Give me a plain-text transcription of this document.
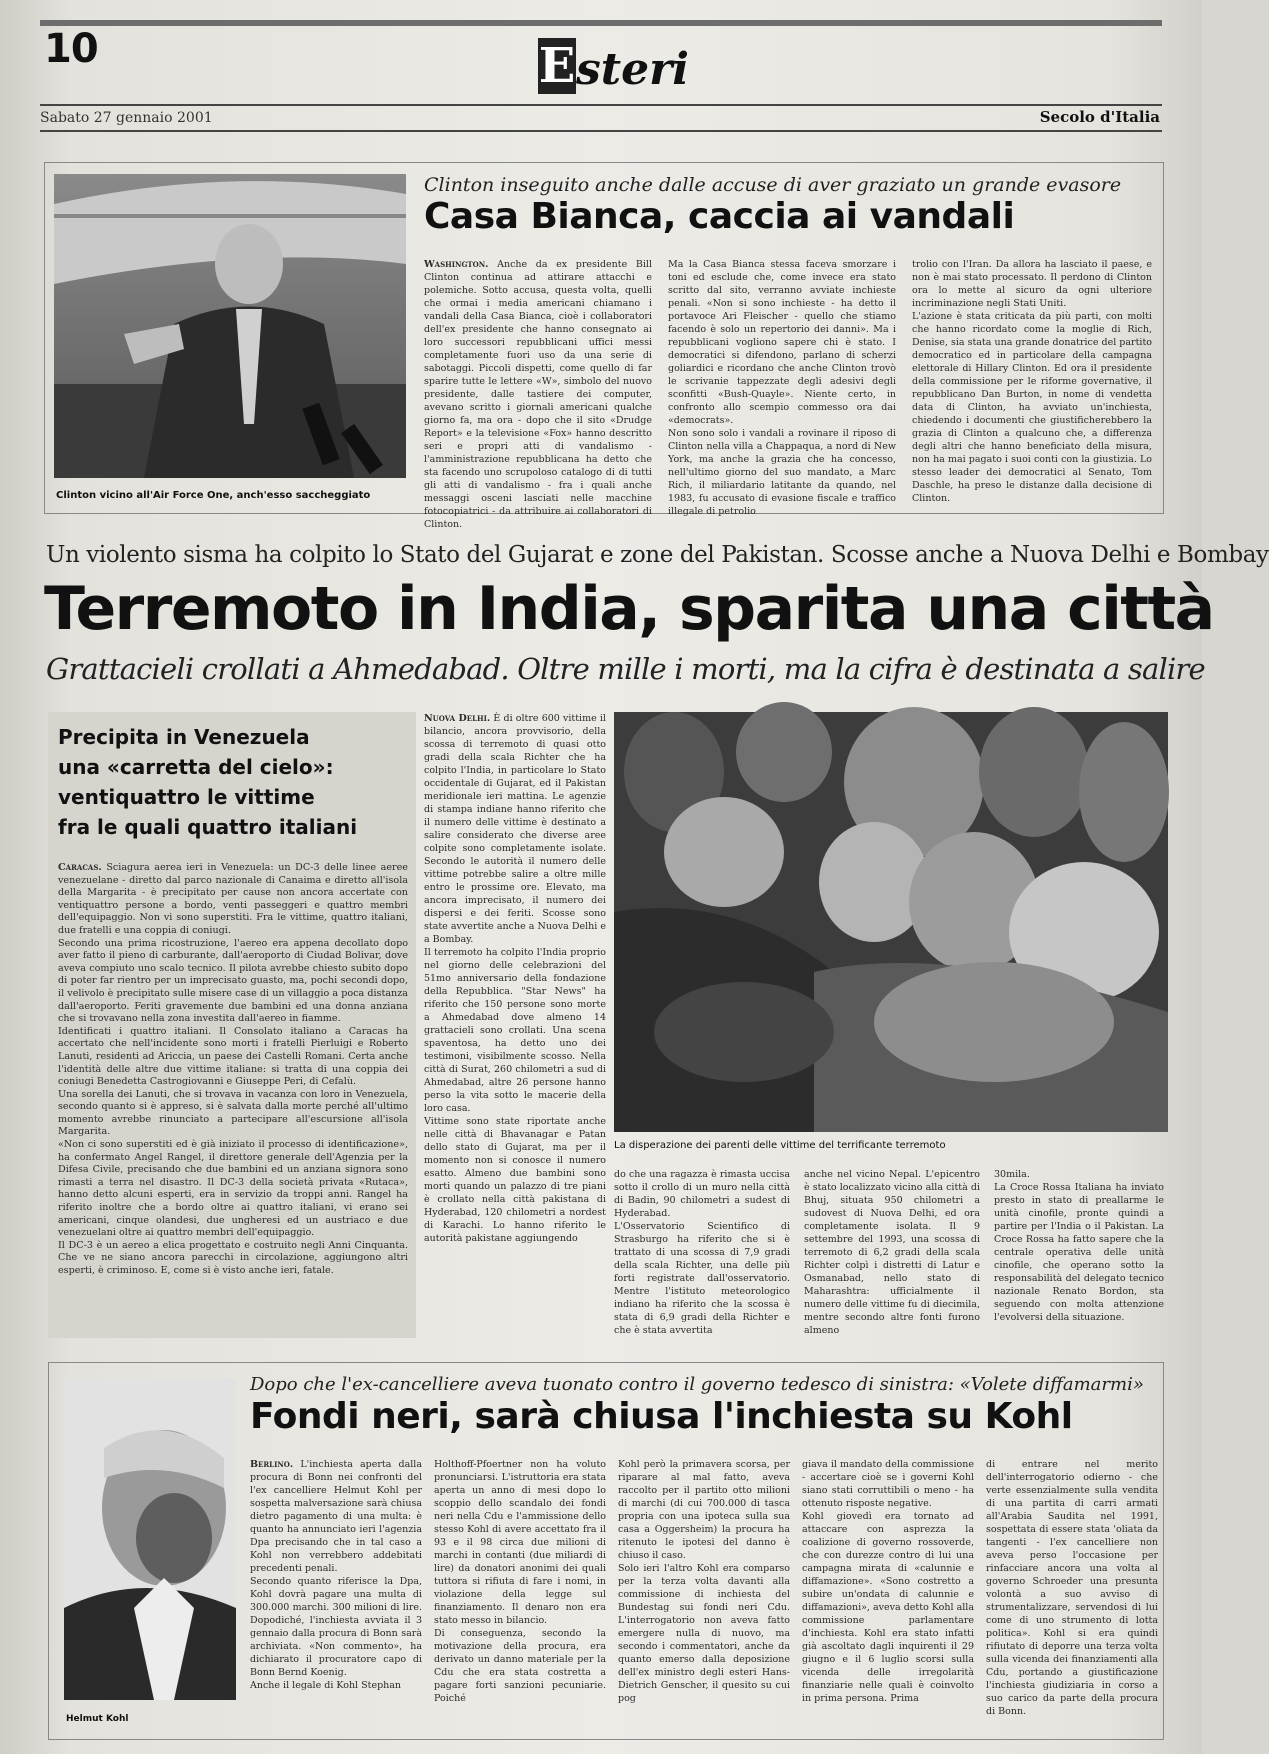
10	E steri
Sabato 27 gennaio 2001	Secolo d'Italia
Clinton vicino all'Air Force One, anch'esso saccheggiato
Clinton inseguito anche dalle accuse di aver graziato un grande evasore
Casa Bianca, caccia ai vandali
Washington. Anche da ex presidente Bill Clinton continua ad attirare attacchi e polemiche. Sotto accusa, questa volta, quelli che ormai i media americani chiamano i vandali della Casa Bianca, cioè i collaboratori dell'ex presidente che hanno consegnato ai loro successori repubblicani uffici messi completamente fuori uso da una serie di sabotaggi. Piccoli dispetti, come quello di far sparire tutte le lettere «W», simbolo del nuovo presidente, dalle tastiere dei computer, avevano scritto i giornali americani qualche giorno fa, ma ora - dopo che il sito «Drudge Report» e la televisione «Fox» hanno descritto seri e propri atti di vandalismo - l'amministrazione repubblicana ha detto che sta facendo uno scrupoloso catalogo di di tutti gli atti di vandalismo - fra i quali anche messaggi osceni lasciati nelle macchine fotocopiatrici - da attribuire ai collaboratori di Clinton.
Ma la Casa Bianca stessa faceva smorzare i toni ed esclude che, come invece era stato scritto dal sito, verranno avviate inchieste penali. «Non si sono inchieste - ha detto il portavoce Ari Fleischer - quello che stiamo facendo è solo un repertorio dei danni». Ma i repubblicani vogliono sapere chi è stato. I democratici si difendono, parlano di scherzi goliardici e ricordano che anche Clinton trovò le scrivanie tappezzate degli adesivi degli sconfitti «Bush-Quayle». Niente certo, in confronto allo scempio commesso ora dai «democrats».
Non sono solo i vandali a rovinare il riposo di Clinton nella villa a Chappaqua, a nord di New York, ma anche la grazia che ha concesso, nell'ultimo giorno del suo mandato, a Marc Rich, il miliardario latitante da quando, nel 1983, fu accusato di evasione fiscale e traffico illegale di petrolio
trolio con l'Iran. Da allora ha lasciato il paese, e non è mai stato processato. Il perdono di Clinton ora lo mette al sicuro da ogni ulteriore incriminazione negli Stati Uniti.
L'azione è stata criticata da più parti, con molti che hanno ricordato come la moglie di Rich, Denise, sia stata una grande donatrice del partito democratico ed in particolare della campagna elettorale di Hillary Clinton. Ed ora il presidente della commissione per le riforme governative, il repubblicano Dan Burton, in nome di vendetta data di Clinton, ha avviato un'inchiesta, chiedendo i documenti che giustificherebbero la grazia di Clinton a qualcuno che, a differenza degli altri che hanno beneficiato della misura, non ha mai pagato i suoi conti con la giustizia. Lo stesso leader dei democratici al Senato, Tom Daschle, ha preso le distanze dalla decisione di Clinton.
Un violento sisma ha colpito lo Stato del Gujarat e zone del Pakistan. Scosse anche a Nuova Delhi e Bombay
Terremoto in India, sparita una città
Grattacieli crollati a Ahmedabad. Oltre mille i morti, ma la cifra è destinata a salire
Precipita in Venezuela
una «carretta del cielo»:
ventiquattro le vittime
fra le quali quattro italiani
Caracas. Sciagura aerea ieri in Venezuela: un DC-3 delle linee aeree venezuelane - diretto dal parco nazionale di Canaima e diretto all'isola della Margarita - è precipitato per cause non ancora accertate con ventiquattro persone a bordo, venti passeggeri e quattro membri dell'equipaggio. Non vi sono superstiti. Fra le vittime, quattro italiani, due fratelli e una coppia di coniugi.
Secondo una prima ricostruzione, l'aereo era appena decollato dopo aver fatto il pieno di carburante, dall'aeroporto di Ciudad Bolivar, dove aveva compiuto uno scalo tecnico. Il pilota avrebbe chiesto subito dopo di poter far rientro per un imprecisato guasto, ma, pochi secondi dopo, il velivolo è precipitato sulle misere case di un villaggio a poca distanza dall'aeroporto. Feriti gravemente due bambini ed una donna anziana che si trovavano nella zona investita dall'aereo in fiamme.
Identificati i quattro italiani. Il Consolato italiano a Caracas ha accertato che nell'incidente sono morti i fratelli Pierluigi e Roberto Lanuti, residenti ad Ariccia, un paese dei Castelli Romani. Certa anche l'identità delle altre due vittime italiane: si tratta di una coppia dei coniugi Benedetta Castrogiovanni e Giuseppe Peri, di Cefalù.
Una sorella dei Lanuti, che si trovava in vacanza con loro in Venezuela, secondo quanto si è appreso, si è salvata dalla morte perché all'ultimo momento avrebbe rinunciato a partecipare all'escursione all'isola Margarita.
«Non ci sono superstiti ed è già iniziato il processo di identificazione», ha confermato Angel Rangel, il direttore generale dell'Agenzia per la Difesa Civile, precisando che due bambini ed un anziana signora sono rimasti a terra nel disastro. Il DC-3 della società privata «Rutaca», hanno detto alcuni esperti, era in servizio da troppi anni. Rangel ha riferito inoltre che a bordo oltre ai quattro italiani, vi erano sei americani, cinque olandesi, due ungheresi ed un austriaco e due venezuelani oltre ai quattro membri dell'equipaggio.
Il DC-3 è un aereo a elica progettato e costruito negli Anni Cinquanta. Che ve ne siano ancora parecchi in circolazione, aggiungono altri esperti, è criminoso. E, come si è visto anche ieri, fatale.
Nuova Delhi. È di oltre 600 vittime il bilancio, ancora provvisorio, della scossa di terremoto di quasi otto gradi della scala Richter che ha colpito l'India, in particolare lo Stato occidentale di Gujarat, ed il Pakistan meridionale ieri mattina. Le agenzie di stampa indiane hanno riferito che il numero delle vittime è destinato a salire considerato che diverse aree colpite sono completamente isolate. Secondo le autorità il numero delle vittime potrebbe salire a oltre mille entro le prossime ore. Elevato, ma ancora imprecisato, il numero dei dispersi e dei feriti. Scosse sono state avvertite anche a Nuova Delhi e a Bombay.
Il terremoto ha colpito l'India proprio nel giorno delle celebrazioni del 51mo anniversario della fondazione della Repubblica. "Star News" ha riferito che 150 persone sono morte a Ahmedabad dove almeno 14 grattacieli sono crollati. Una scena spaventosa, ha detto uno dei testimoni, visibilmente scosso. Nella città di Surat, 260 chilometri a sud di Ahmedabad, altre 26 persone hanno perso la vita sotto le macerie della loro casa.
Vittime sono state riportate anche nelle città di Bhavanagar e Patan dello stato di Gujarat, ma per il momento non si conosce il numero esatto. Almeno due bambini sono morti quando un palazzo di tre piani è crollato nella città pakistana di Hyderabad, 120 chilometri a nordest di Karachi. Lo hanno riferito le autorità pakistane aggiungendo
La disperazione dei parenti delle vittime del terrificante terremoto
do che una ragazza è rimasta uccisa sotto il crollo di un muro nella città di Badin, 90 chilometri a sudest di Hyderabad.
L'Osservatorio Scientifico di Strasburgo ha riferito che si è trattato di una scossa di 7,9 gradi della scala Richter, una delle più forti registrate dall'osservatorio. Mentre l'istituto meteorologico indiano ha riferito che la scossa è stata di 6,9 gradi della Richter e che è stata avvertita
anche nel vicino Nepal. L'epicentro è stato localizzato vicino alla città di Bhuj, situata 950 chilometri a sudovest di Nuova Delhi, ed ora completamente isolata. Il 9 settembre del 1993, una scossa di terremoto di 6,2 gradi della scala Richter colpì i distretti di Latur e Osmanabad, nello stato di Maharashtra: ufficialmente il numero delle vittime fu di diecimila, mentre secondo altre fonti furono almeno
30mila.
La Croce Rossa Italiana ha inviato presto in stato di preallarme le unità cinofile, pronte quindi a partire per l'India o il Pakistan. La Croce Rossa ha fatto sapere che la centrale operativa delle unità cinofile, che operano sotto la responsabilità del delegato tecnico nazionale Renato Bordon, sta seguendo con molta attenzione l'evolversi della situazione.
Helmut Kohl
Dopo che l'ex-cancelliere aveva tuonato contro il governo tedesco di sinistra: «Volete diffamarmi»
Fondi neri, sarà chiusa l'inchiesta su Kohl
Berlino. L'inchiesta aperta dalla procura di Bonn nei confronti del l'ex cancelliere Helmut Kohl per sospetta malversazione sarà chiusa dietro pagamento di una multa: è quanto ha annunciato ieri l'agenzia Dpa precisando che in tal caso a Kohl non verrebbero addebitati precedenti penali.
Secondo quanto riferisce la Dpa, Kohl dovrà pagare una multa di 300.000 marchi. 300 milioni di lire. Dopodiché, l'inchiesta avviata il 3 gennaio dalla procura di Bonn sarà archiviata. «Non commento», ha dichiarato il procuratore capo di Bonn Bernd Koenig.
Anche il legale di Kohl Stephan
Holthoff-Pfoertner non ha voluto pronunciarsi. L'istruttoria era stata aperta un anno di mesi dopo lo scoppio dello scandalo dei fondi neri nella Cdu e l'ammissione dello stesso Kohl di avere accettato fra il 93 e il 98 circa due milioni di marchi in contanti (due miliardi di lire) da donatori anonimi dei quali tuttora si rifiuta di fare i nomi, in violazione della legge sul finanziamento. Il denaro non era stato messo in bilancio.
Di conseguenza, secondo la motivazione della procura, era derivato un danno materiale per la Cdu che era stata costretta a pagare forti sanzioni pecuniarie. Poiché
Kohl però la primavera scorsa, per riparare al mal fatto, aveva raccolto per il partito otto milioni di marchi (di cui 700.000 di tasca propria con una ipoteca sulla sua casa a Oggersheim) la procura ha ritenuto le ipotesi del danno è chiuso il caso.
Solo ieri l'altro Kohl era comparso per la terza volta davanti alla commissione di inchiesta del Bundestag sui fondi neri Cdu. L'interrogatorio non aveva fatto emergere nulla di nuovo, ma secondo i commentatori, anche da quanto emerso dalla deposizione dell'ex ministro degli esteri Hans-Dietrich Genscher, il quesito su cui pog
giava il mandato della commissione - accertare cioè se i governi Kohl siano stati corruttibili o meno - ha ottenuto risposte negative.
Kohl giovedì era tornato ad attaccare con asprezza la coalizione di governo rossoverde, che con durezze contro di lui una campagna mirata di «calunnie e diffamazione». «Sono costretto a subire un'ondata di calunnie e diffamazioni», aveva detto Kohl alla commissione parlamentare d'inchiesta. Kohl era stato infatti già ascoltato dagli inquirenti il 29 giugno e il 6 luglio scorsi sulla vicenda delle irregolarità finanziarie nelle quali è coinvolto in prima persona. Prima
di entrare nel merito dell'interrogatorio odierno - che verte essenzialmente sulla vendita di una partita di carri armati all'Arabia Saudita nel 1991, sospettata di essere stata 'oliata da tangenti - l'ex cancelliere non aveva perso l'occasione per rinfacciare ancora una volta al governo Schroeder una presunta volontà a suo avviso di strumentalizzare, servendosi di lui come di uno strumento di lotta politica». Kohl si era quindi rifiutato di deporre una terza volta sulla vicenda dei finanziamenti alla Cdu, portando a giustificazione l'inchiesta giudiziaria in corso a suo carico da parte della procura di Bonn.
